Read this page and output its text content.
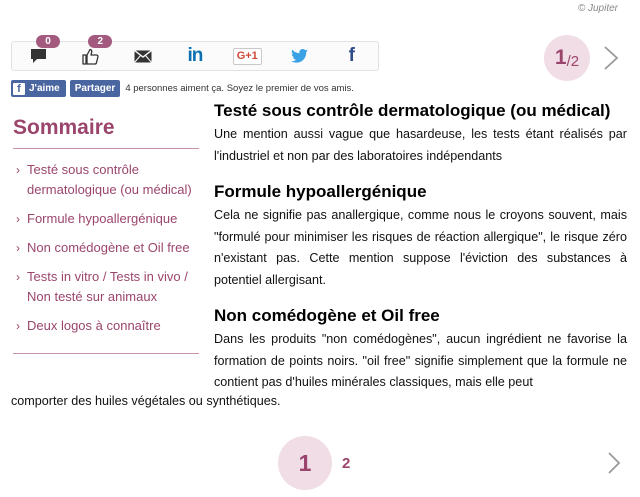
© Jupiter
0	2
in	G+1	f	1 /2
f J'aime	Partager	4 personnes aiment ça. Soyez le premier de vos amis.
Sommaire
› Testé sous contrôle dermatologique (ou médical)
› Formule hypoallergénique
› Non comédogène et Oil free
› Tests in vitro / Tests in vivo / Non testé sur animaux
› Deux logos à connaître
Testé sous contrôle dermatologique (ou médical)

Une mention aussi vague que hasardeuse, les tests étant réalisés par l'industriel et non par des laboratoires indépendants

Formule hypoallergénique

Cela ne signifie pas anallergique, comme nous le croyons souvent, mais "formulé pour minimiser les risques de réaction allergique", le risque zéro n'existant pas. Cette mention suppose l'éviction des substances à potentiel allergisant.

Non comédogène et Oil free

Dans les produits "non comédogènes", aucun ingrédient ne favorise la formation de points noirs. "oil free" signifie simplement que la formule ne contient pas d'huiles minérales classiques, mais elle peut

comporter des huiles végétales ou synthétiques.

1	2
